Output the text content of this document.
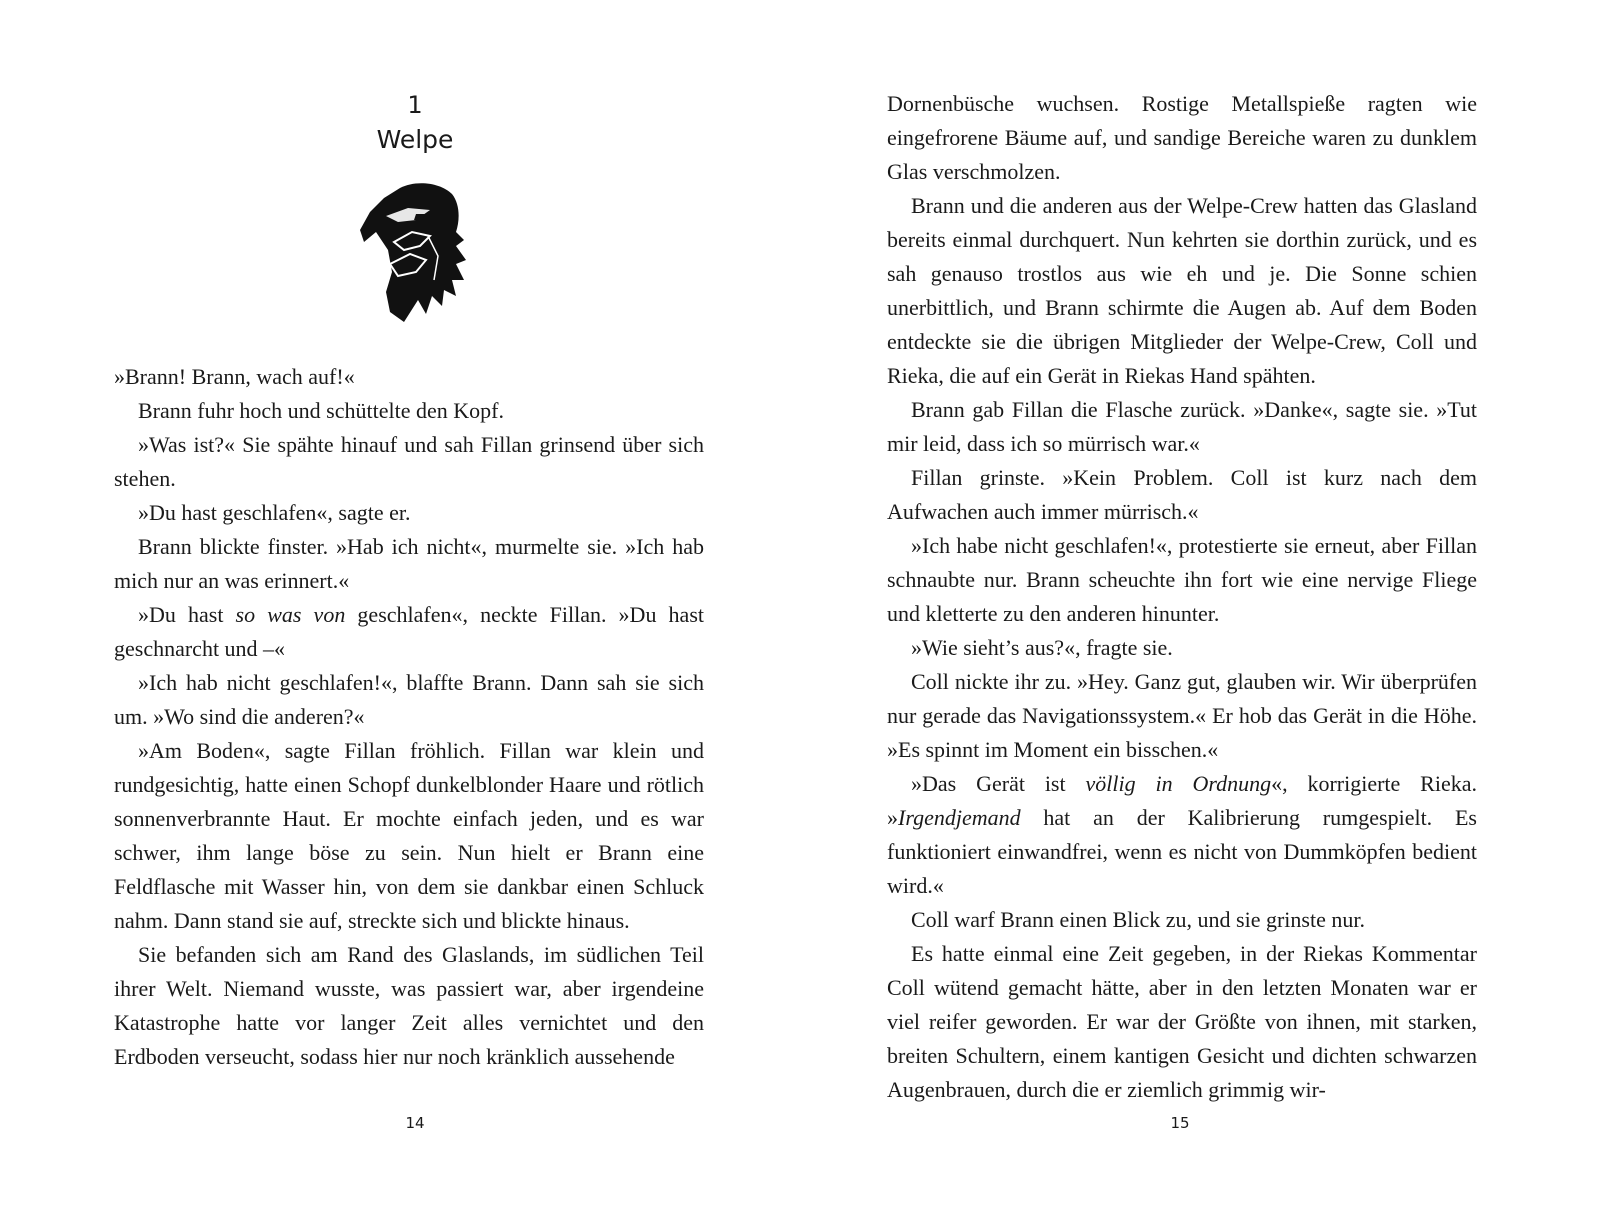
1
Welpe

»Brann! Brann, wach auf!«

Brann fuhr hoch und schüttelte den Kopf.

»Was ist?« Sie spähte hinauf und sah Fillan grinsend über sich stehen.

»Du hast geschlafen«, sagte er.

Brann blickte finster. »Hab ich nicht«, murmelte sie. »Ich hab mich nur an was erinnert.«

»Du hast so was von geschlafen«, neckte Fillan. »Du hast geschnarcht und –«

»Ich hab nicht geschlafen!«, blaffte Brann. Dann sah sie sich um. »Wo sind die anderen?«

»Am Boden«, sagte Fillan fröhlich. Fillan war klein und rundgesichtig, hatte einen Schopf dunkelblonder Haare und rötlich sonnenverbrannte Haut. Er mochte einfach jeden, und es war schwer, ihm lange böse zu sein. Nun hielt er Brann eine Feldflasche mit Wasser hin, von dem sie dankbar einen Schluck nahm. Dann stand sie auf, streckte sich und blickte hinaus.

Sie befanden sich am Rand des Glaslands, im südlichen Teil ihrer Welt. Niemand wusste, was passiert war, aber irgendeine Katastrophe hatte vor langer Zeit alles vernichtet und den Erdboden verseucht, sodass hier nur noch kränklich aussehende

14

Dornenbüsche wuchsen. Rostige Metallspieße ragten wie eingefrorene Bäume auf, und sandige Bereiche waren zu dunklem Glas verschmolzen.

Brann und die anderen aus der Welpe-Crew hatten das Glasland bereits einmal durchquert. Nun kehrten sie dorthin zurück, und es sah genauso trostlos aus wie eh und je. Die Sonne schien unerbittlich, und Brann schirmte die Augen ab. Auf dem Boden entdeckte sie die übrigen Mitglieder der Welpe-Crew, Coll und Rieka, die auf ein Gerät in Riekas Hand spähten.

Brann gab Fillan die Flasche zurück. »Danke«, sagte sie. »Tut mir leid, dass ich so mürrisch war.«

Fillan grinste. »Kein Problem. Coll ist kurz nach dem Aufwachen auch immer mürrisch.«

»Ich habe nicht geschlafen!«, protestierte sie erneut, aber Fillan schnaubte nur. Brann scheuchte ihn fort wie eine nervige Fliege und kletterte zu den anderen hinunter.

»Wie sieht’s aus?«, fragte sie.

Coll nickte ihr zu. »Hey. Ganz gut, glauben wir. Wir überprüfen nur gerade das Navigationssystem.« Er hob das Gerät in die Höhe. »Es spinnt im Moment ein bisschen.«

»Das Gerät ist völlig in Ordnung«, korrigierte Rieka. »Irgendjemand hat an der Kalibrierung rumgespielt. Es funktioniert einwandfrei, wenn es nicht von Dummköpfen bedient wird.«

Coll warf Brann einen Blick zu, und sie grinste nur.

Es hatte einmal eine Zeit gegeben, in der Riekas Kommentar Coll wütend gemacht hätte, aber in den letzten Monaten war er viel reifer geworden. Er war der Größte von ihnen, mit starken, breiten Schultern, einem kantigen Gesicht und dichten schwarzen Augenbrauen, durch die er ziemlich grimmig wir-

15
